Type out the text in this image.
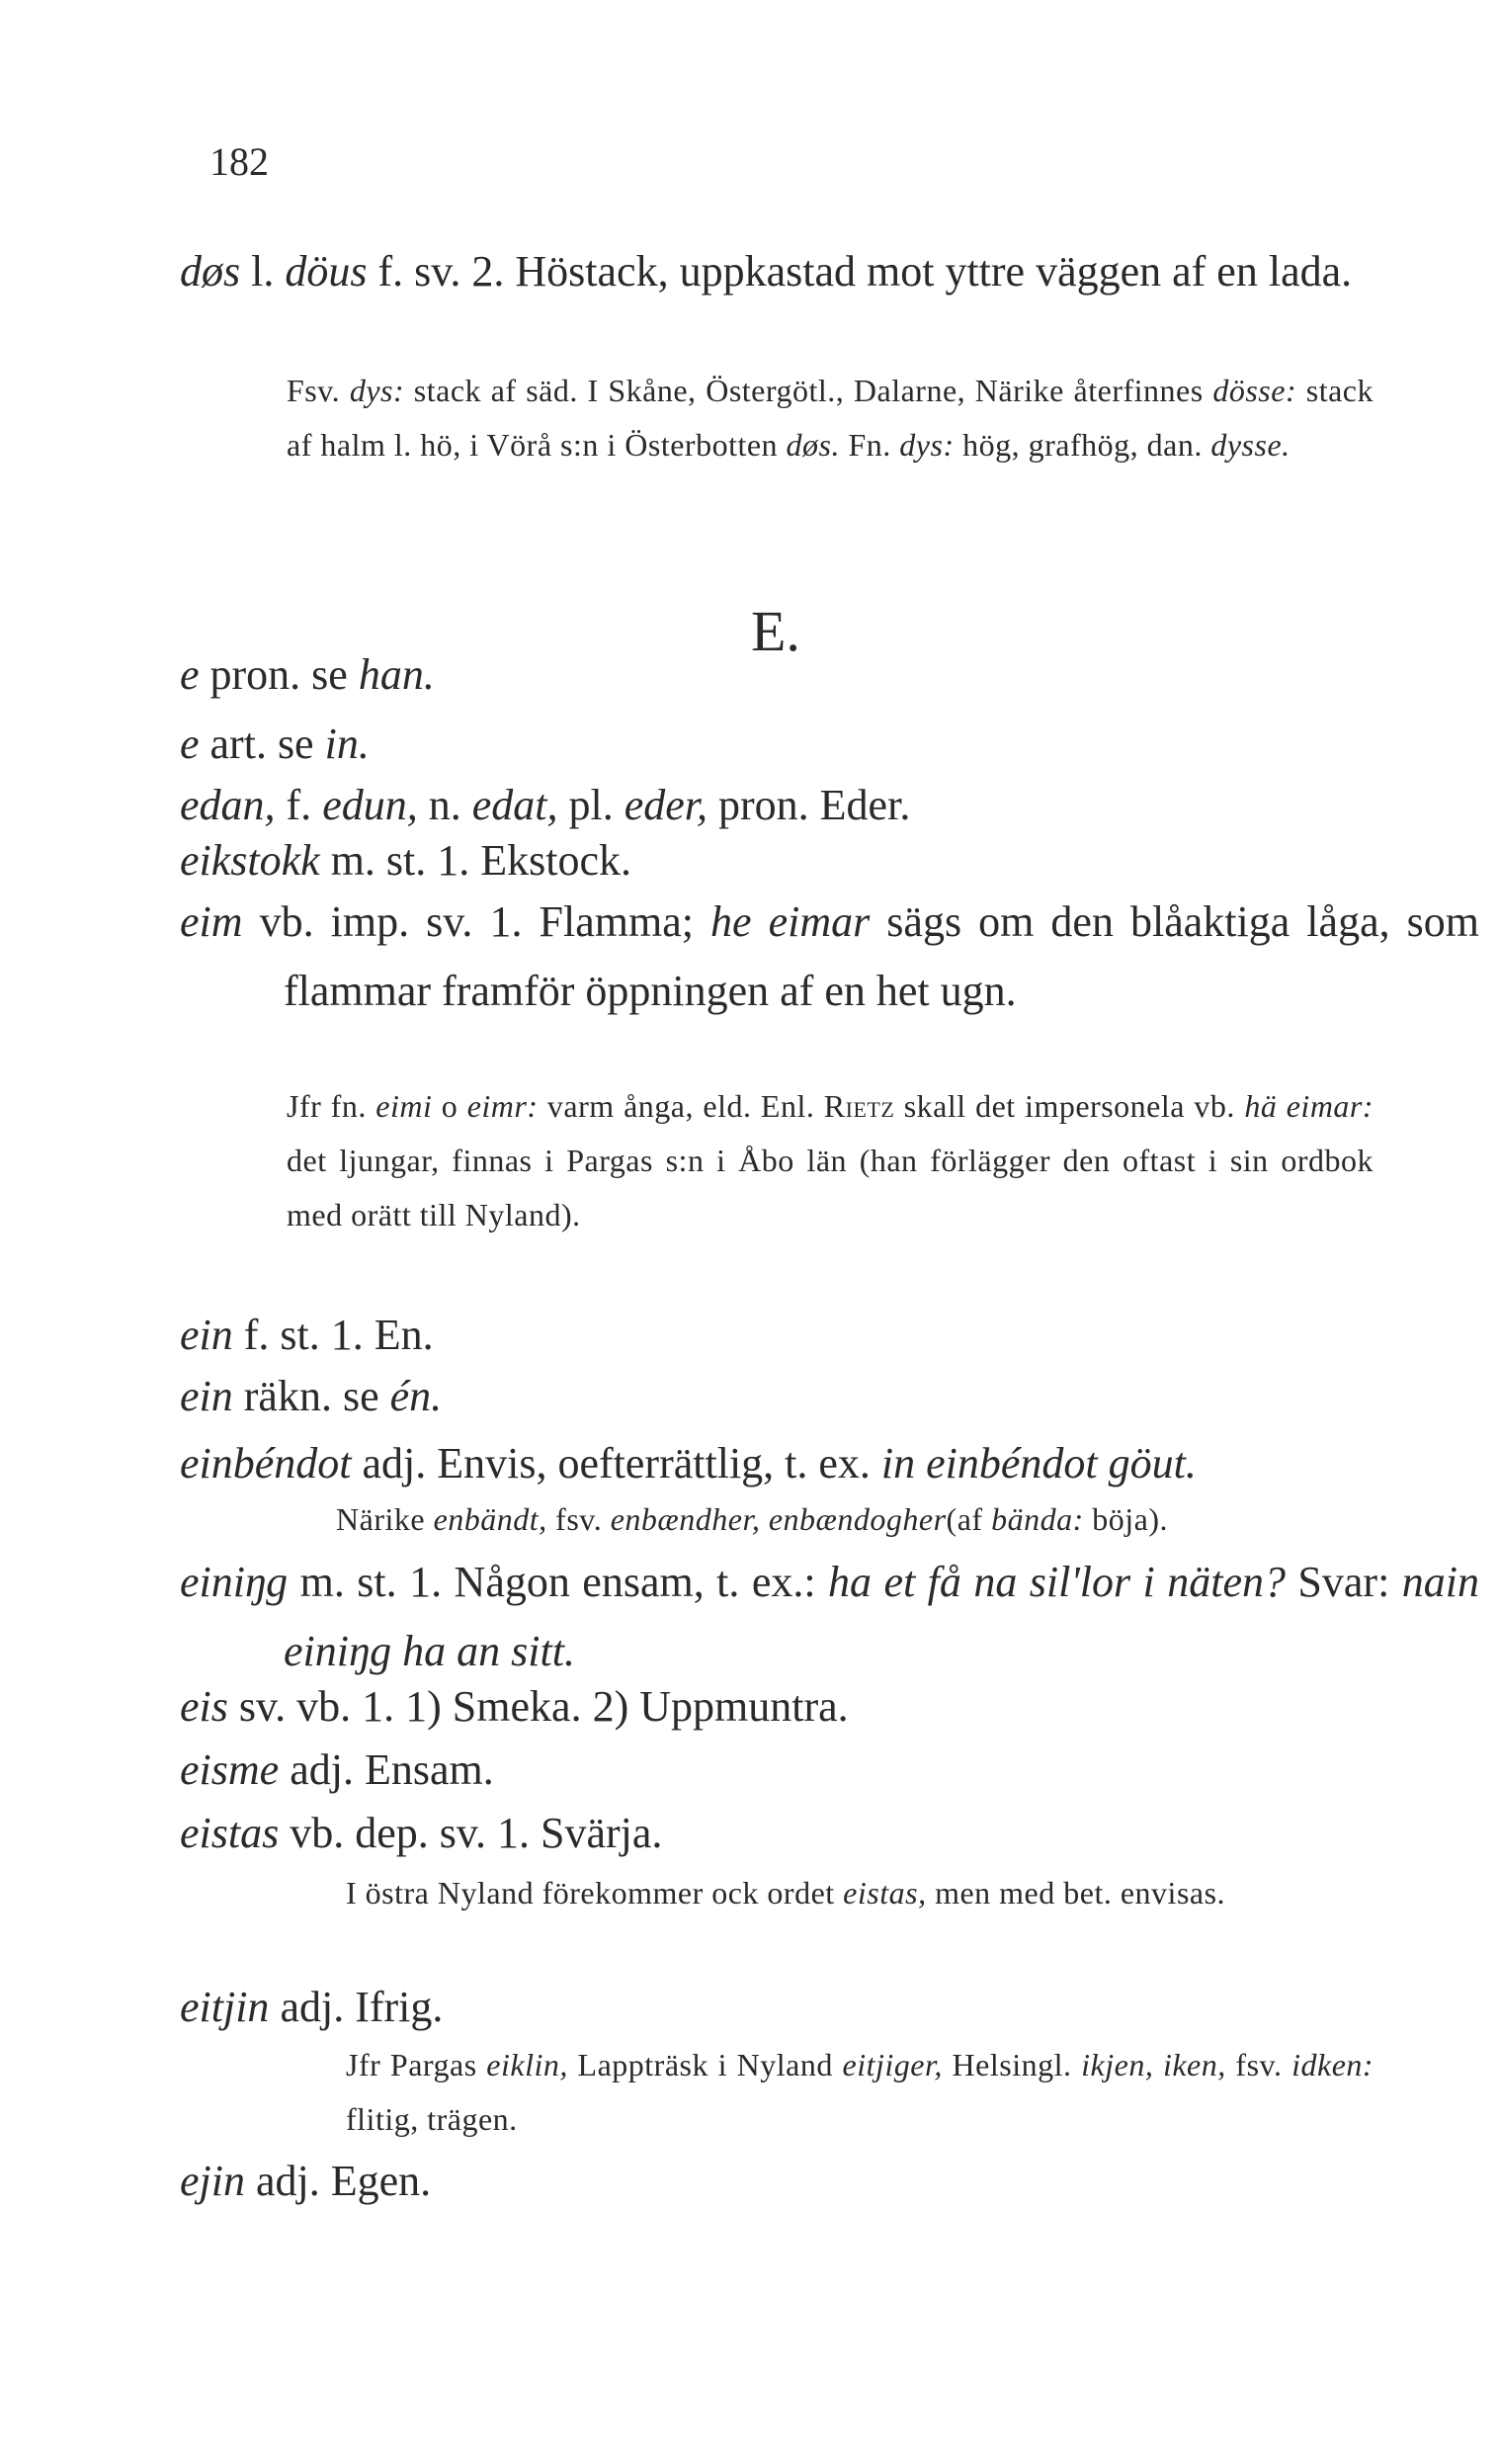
182

døs l. döus f. sv. 2. Höstack, uppkastad mot yttre väggen af en lada.

Fsv. dys: stack af säd. I Skåne, Östergötl., Dalarne, Närike återfinnes dösse: stack af halm l. hö, i Vörå s:n i Österbotten døs. Fn. dys: hög, grafhög, dan. dysse.

E.

e pron. se han.

e art. se in.

edan, f. edun, n. edat, pl. eder, pron. Eder.

eikstokk m. st. 1. Ekstock.

eim vb. imp. sv. 1. Flamma; he eimar sägs om den blåaktiga låga, som flammar framför öppningen af en het ugn.

Jfr fn. eimi o eimr: varm ånga, eld. Enl. Rietz skall det impersonela vb. hä eimar: det ljungar, finnas i Pargas s:n i Åbo län (han förlägger den oftast i sin ordbok med orätt till Nyland).

ein f. st. 1. En.

ein räkn. se én.

einbéndot adj. Envis, oefterrättlig, t. ex. in einbéndot göut.

Närike enbändt, fsv. enbændher, enbændogher(af bända: böja).

einiŋg m. st. 1. Någon ensam, t. ex.: ha et få na sil'lor i näten? Svar: nain einiŋg ha an sitt.

eis sv. vb. 1. 1) Smeka. 2) Uppmuntra.

eisme adj. Ensam.

eistas vb. dep. sv. 1. Svärja.

I östra Nyland förekommer ock ordet eistas, men med bet. envisas.

eitjin adj. Ifrig.

Jfr Pargas eiklin, Lappträsk i Nyland eitjiger, Helsingl. ikjen, iken, fsv. idken: flitig, trägen.

ejin adj. Egen.
